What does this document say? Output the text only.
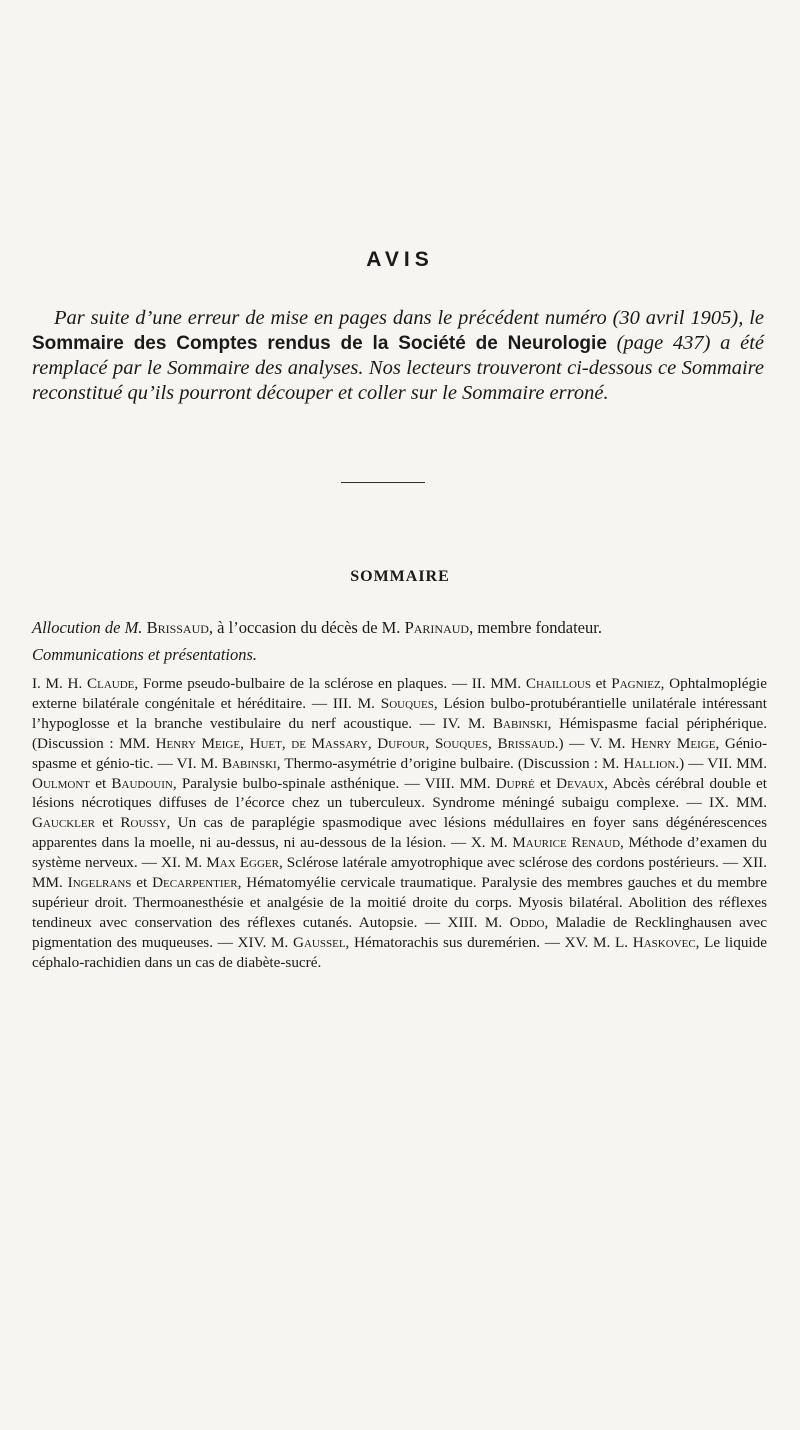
AVIS

Par suite d’une erreur de mise en pages dans le précédent numéro (30 avril 1905), le Sommaire des Comptes rendus de la Société de Neurologie (page 437) a été remplacé par le Sommaire des analyses. Nos lecteurs trouveront ci-dessous ce Sommaire reconstitué qu’ils pourront découper et coller sur le Sommaire erroné.

SOMMAIRE

Allocution de M. Brissaud, à l’occasion du décès de M. Parinaud, membre fondateur.

Communications et présentations.

I. M. H. Claude, Forme pseudo-bulbaire de la sclérose en plaques. — II. MM. Chaillous et Pagniez, Ophtalmoplégie externe bilatérale congénitale et héréditaire. — III. M. Souques, Lésion bulbo-protubérantielle unilatérale intéressant l’hypoglosse et la branche vestibulaire du nerf acoustique. — IV. M. Babinski, Hémispasme facial périphérique. (Discussion : MM. Henry Meige, Huet, de Massary, Dufour, Souques, Brissaud.) — V. M. Henry Meige, Génio-spasme et génio-tic. — VI. M. Babinski, Thermo-asymétrie d’origine bulbaire. (Discussion : M. Hallion.) — VII. MM. Oulmont et Baudouin, Paralysie bulbo-spinale asthénique. — VIII. MM. Dupré et Devaux, Abcès cérébral double et lésions nécrotiques diffuses de l’écorce chez un tuberculeux. Syndrome méningé subaigu complexe. — IX. MM. Gauckler et Roussy, Un cas de paraplégie spasmodique avec lésions médullaires en foyer sans dégénérescences apparentes dans la moelle, ni au-dessus, ni au-dessous de la lésion. — X. M. Maurice Renaud, Méthode d’examen du système nerveux. — XI. M. Max Egger, Sclérose latérale amyotrophique avec sclérose des cordons postérieurs. — XII. MM. Ingelrans et Decarpentier, Hématomyélie cervicale traumatique. Paralysie des membres gauches et du membre supérieur droit. Thermoanesthésie et analgésie de la moitié droite du corps. Myosis bilatéral. Abolition des réflexes tendineux avec conservation des réflexes cutanés. Autopsie. — XIII. M. Oddo, Maladie de Recklinghausen avec pigmentation des muqueuses. — XIV. M. Gaussel, Hématorachis sus duremérien. — XV. M. L. Haskovec, Le liquide céphalo-rachidien dans un cas de diabète-sucré.
